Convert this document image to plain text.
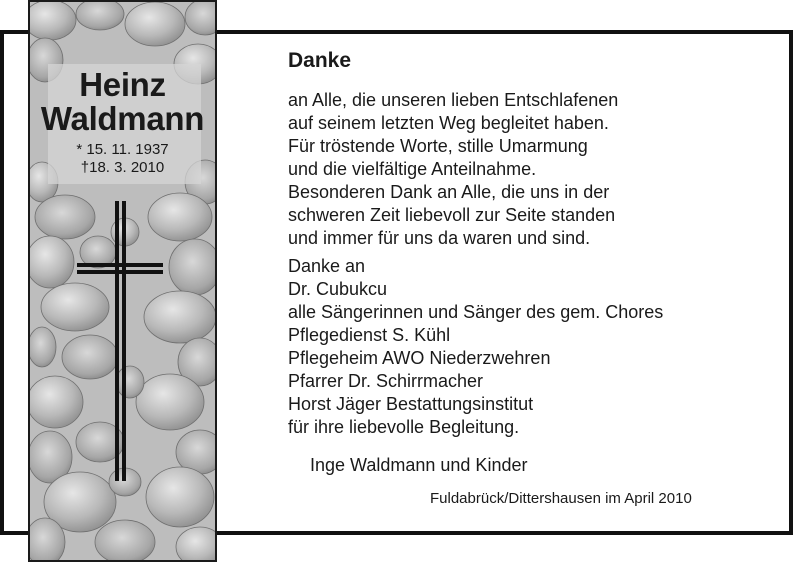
Heinz
Waldmann
* 15. 11. 1937
†18. 3. 2010
Danke
an Alle, die unseren lieben Entschlafenen
auf seinem letzten Weg begleitet haben.
Für tröstende Worte, stille Umarmung
und die vielfältige Anteilnahme.
Besonderen Dank an Alle, die uns in der
schweren Zeit liebevoll zur Seite standen
und immer für uns da waren und sind.
Danke an
Dr. Cubukcu
alle Sängerinnen und Sänger des gem. Chores
Pflegedienst S. Kühl
Pflegeheim AWO Niederzwehren
Pfarrer Dr. Schirrmacher
Horst Jäger Bestattungsinstitut
für ihre liebevolle Begleitung.
Inge Waldmann und Kinder
Fuldabrück/Dittershausen im April 2010
